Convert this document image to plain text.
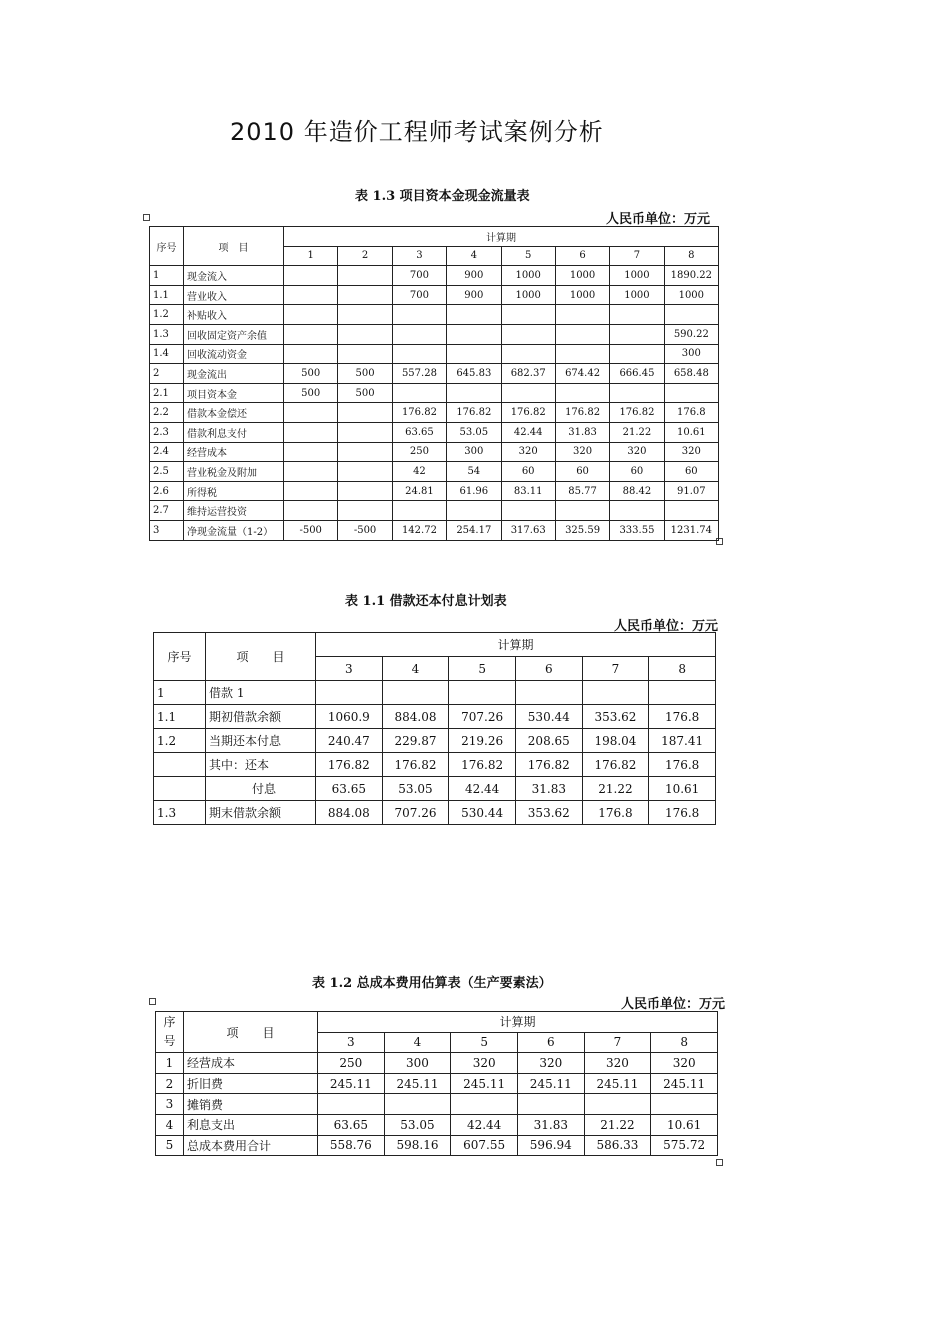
2010 年造价工程师考试案例分析
表 1.3 项目资本金现金流量表
人民币单位：万元
序号	项　目	计算期							
		1	2	3	4	5	6	7	8
1	现金流入			700	900	1000	1000	1000	1890.22
1.1	营业收入			700	900	1000	1000	1000	1000
1.2	补贴收入								
1.3	回收固定资产余值								590.22
1.4	回收流动资金								300
2	现金流出	500	500	557.28	645.83	682.37	674.42	666.45	658.48
2.1	项目资本金	500	500						
2.2	借款本金偿还			176.82	176.82	176.82	176.82	176.82	176.8
2.3	借款利息支付			63.65	53.05	42.44	31.83	21.22	10.61
2.4	经营成本			250	300	320	320	320	320
2.5	营业税金及附加			42	54	60	60	60	60
2.6	所得税			24.81	61.96	83.11	85.77	88.42	91.07
2.7	维持运营投资								
3	净现金流量（1-2）	-500	-500	142.72	254.17	317.63	325.59	333.55	1231.74
表 1.1 借款还本付息计划表
人民币单位：万元
序号	项　　目	计算期					
		3	4	5	6	7	8
1	借款 1						
1.1	期初借款余额	1060.9	884.08	707.26	530.44	353.62	176.8
1.2	当期还本付息	240.47	229.87	219.26	208.65	198.04	187.41
	其中：还本	176.82	176.82	176.82	176.82	176.82	176.8
	付息	63.65	53.05	42.44	31.83	21.22	10.61
1.3	期末借款余额	884.08	707.26	530.44	353.62	176.8	176.8
表 1.2 总成本费用估算表（生产要素法）
人民币单位：万元
序号	项　　目	计算期					
		3	4	5	6	7	8
1	经营成本	250	300	320	320	320	320
2	折旧费	245.11	245.11	245.11	245.11	245.11	245.11
3	摊销费						
4	利息支出	63.65	53.05	42.44	31.83	21.22	10.61
5	总成本费用合计	558.76	598.16	607.55	596.94	586.33	575.72
